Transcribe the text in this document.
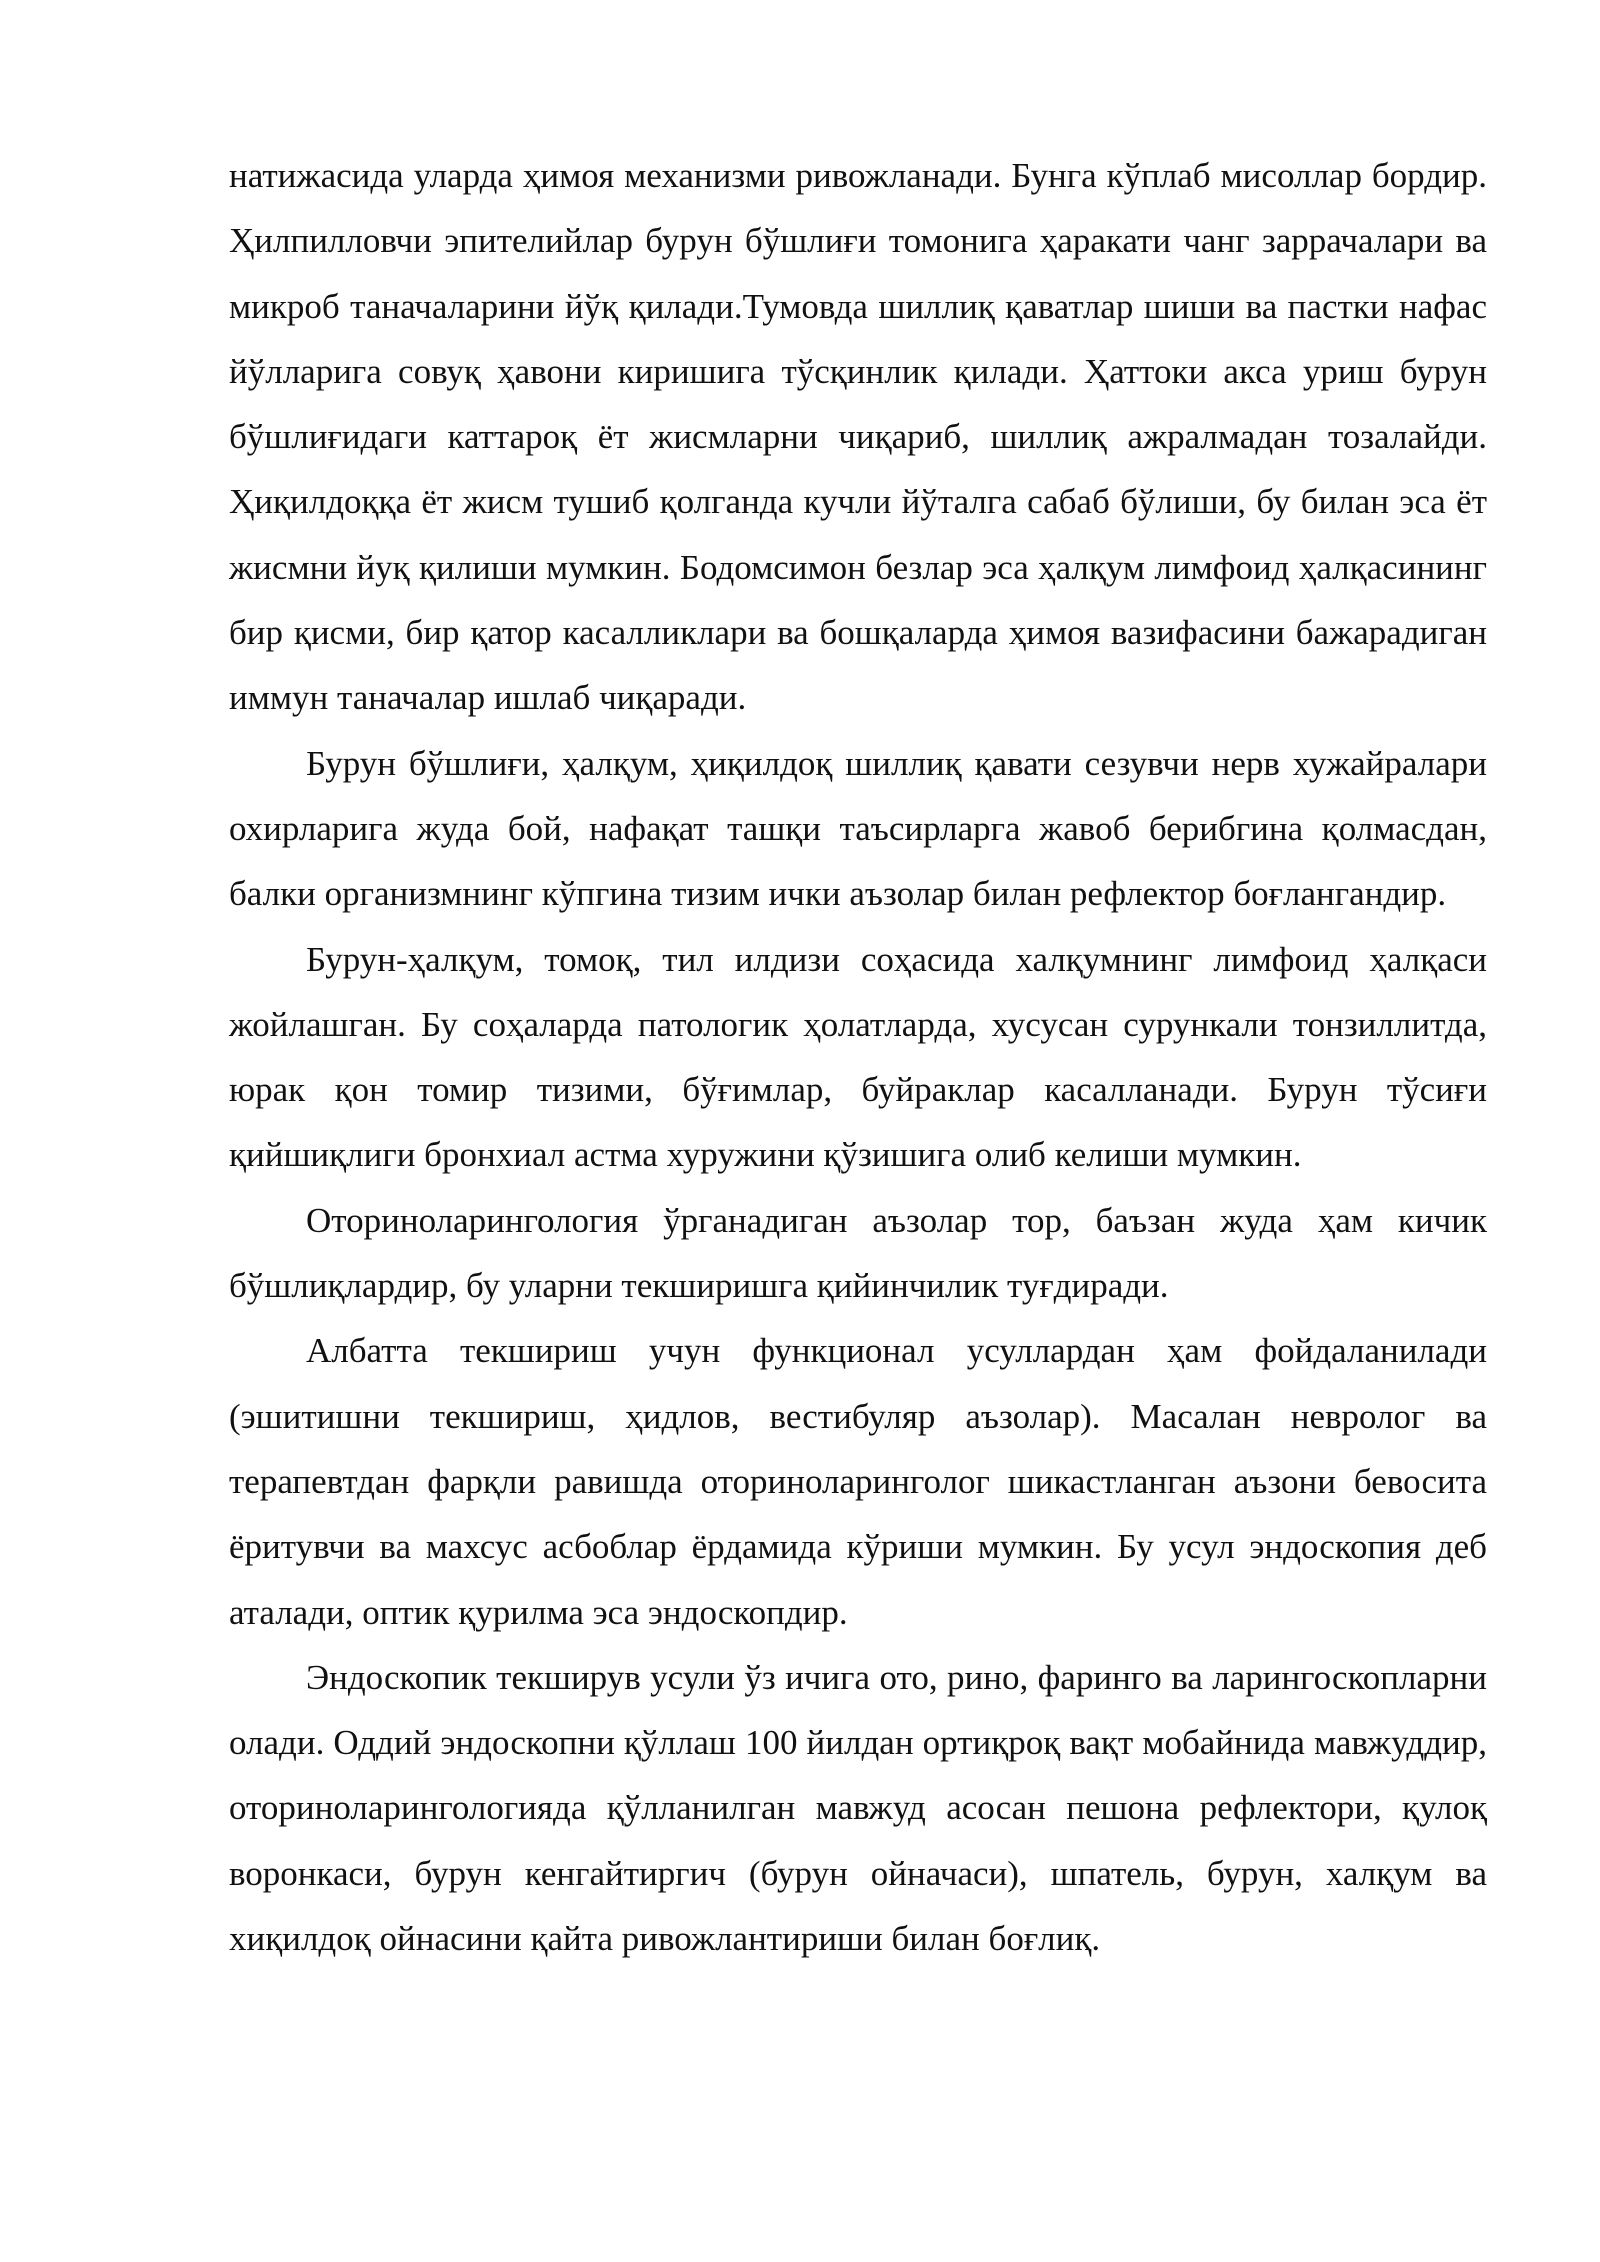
натижасида уларда ҳимоя механизми ривожланади. Бунга кўплаб мисоллар бордир. Ҳилпилловчи эпителийлар бурун бўшлиғи томонига ҳаракати чанг заррачалари ва микроб таначаларини йўқ қилади.Тумовда шиллиқ қаватлар шиши ва пастки нафас йўлларига совуқ ҳавони киришига тўсқинлик қилади. Ҳаттоки акса уриш бурун бўшлиғидаги каттароқ ёт жисмларни чиқариб, шиллиқ ажралмадан тозалайди. Ҳиқилдоққа ёт жисм тушиб қолганда кучли йўталга сабаб бўлиши, бу билан эса ёт жисмни йуқ қилиши мумкин. Бодомсимон безлар эса ҳалқум лимфоид ҳалқасининг бир қисми, бир қатор касалликлари ва бошқаларда ҳимоя вазифасини бажарадиган иммун таначалар ишлаб чиқаради.

Бурун бўшлиғи, ҳалқум, ҳиқилдоқ шиллиқ қавати сезувчи нерв хужайралари охирларига жуда бой, нафақат ташқи таъсирларга жавоб берибгина қолмасдан, балки организмнинг кўпгина тизим ички аъзолар билан рефлектор боғлангандир.

Бурун-ҳалқум, томоқ, тил илдизи соҳасида халқумнинг лимфоид ҳалқаси жойлашган. Бу соҳаларда патологик ҳолатларда, хусусан сурункали тонзиллитда, юрак қон томир тизими, бўғимлар, буйраклар касалланади. Бурун тўсиғи қийшиқлиги бронхиал астма хуружини қўзишига олиб келиши мумкин.

Оториноларингология ўрганадиган аъзолар тор, баъзан жуда ҳам кичик бўшлиқлардир, бу уларни текширишга қийинчилик туғдиради.

Албатта текшириш учун функционал усуллардан ҳам фойдаланилади (эшитишни текшириш, ҳидлов, вестибуляр аъзолар). Масалан невролог ва терапевтдан фарқли равишда оториноларинголог шикастланган аъзони бевосита ёритувчи ва махсус асбоблар ёрдамида кўриши мумкин. Бу усул эндоскопия деб аталади, оптик қурилма эса эндоскопдир.

Эндоскопик текширув усули ўз ичига ото, рино, фаринго ва ларингоскопларни олади. Оддий эндоскопни қўллаш 100 йилдан ортиқроқ вақт мобайнида мавжуддир, оториноларингологияда қўлланилган мавжуд асосан пешона рефлектори, қулоқ воронкаси, бурун кенгайтиргич (бурун ойначаси), шпатель, бурун, халқум ва хиқилдоқ ойнасини қайта ривожлантириши билан боғлиқ.
